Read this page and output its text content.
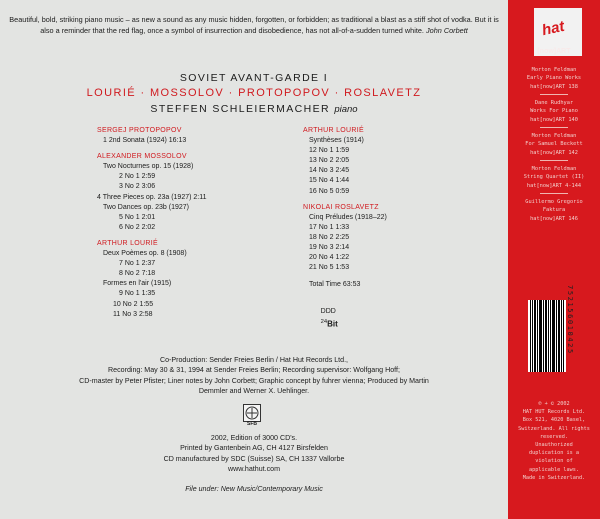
Beautiful, bold, striking piano music – as new a sound as any music hidden, forgotten, or forbidden; as traditional a blast as a stiff shot of vodka. But it is also a reminder that the red flag, once a symbol of insurrection and disobedience, has not all-of-a-sudden turned white. John Corbett
SOVIET AVANT-GARDE I
LOURIÉ · MOSSOLOV · PROTOPOPOV · ROSLAVETZ
STEFFEN SCHLEIERMACHER piano
SERGEJ PROTOPOPOV
1 2nd Sonata (1924) 16:13
ALEXANDER MOSSOLOV
Two Nocturnes op. 15 (1928)
2 No 1 2:59
3 No 2 3:06
4 Three Pieces op. 23a (1927) 2:11
Two Dances op. 23b (1927)
5 No 1 2:01
6 No 2 2:02
ARTHUR LOURIÉ
Deux Poèmes op. 8 (1908)
7 No 1 2:37
8 No 2 7:18
Formes en l'air (1915)
9 No 1 1:35
10 No 2 1:55
11 No 3 2:58
ARTHUR LOURIÉ
Synthèses (1914)
12 No 1 1:59
13 No 2 2:05
14 No 3 2:45
15 No 4 1:44
16 No 5 0:59
NIKOLAI ROSLAVETZ
Cinq Préludes (1918–22)
17 No 1 1:33
18 No 2 2:25
19 No 3 2:14
20 No 4 1:22
21 No 5 1:53
Total Time 63:53

DDD
$^{24}$Bit

Co-Production: Sender Freies Berlin / Hat Hut Records Ltd.,
Recording: May 30 & 31, 1994 at Sender Freies Berlin; Recording supervisor: Wolfgang Hoff;
CD-master by Peter Pfister; Liner notes by John Corbett; Graphic concept by fuhrer vienna; Produced by Martin
Demmler and Werner X. Uehlinger.
SFB
2002, Edition of 3000 CD's.
Printed by Gantenbein AG, CH 4127 Birsfelden
CD manufactured by SDC (Suisse) SA, CH 1337 Vallorbe
www.hathut.com
File under: New Music/Contemporary Music
hat
[now]ART
Morton Feldman
Early Piano Works
hat[now]ART 138
Dane Rudhyar
Works For Piano
hat[now]ART 140
Morton Feldman
For Samuel Beckett
hat[now]ART 142
Morton Feldman
String Quartet (II)
hat[now]ART 4-144
Guillermo Gregorio
Faktura
hat[now]ART 146
752156010425
℗ + © 2002
HAT HUT Records Ltd.
Box 521, 4020 Basel,
Switzerland. All rights reserved.
Unauthorized
duplication is a
violation of
applicable laws.
Made in Switzerland.
